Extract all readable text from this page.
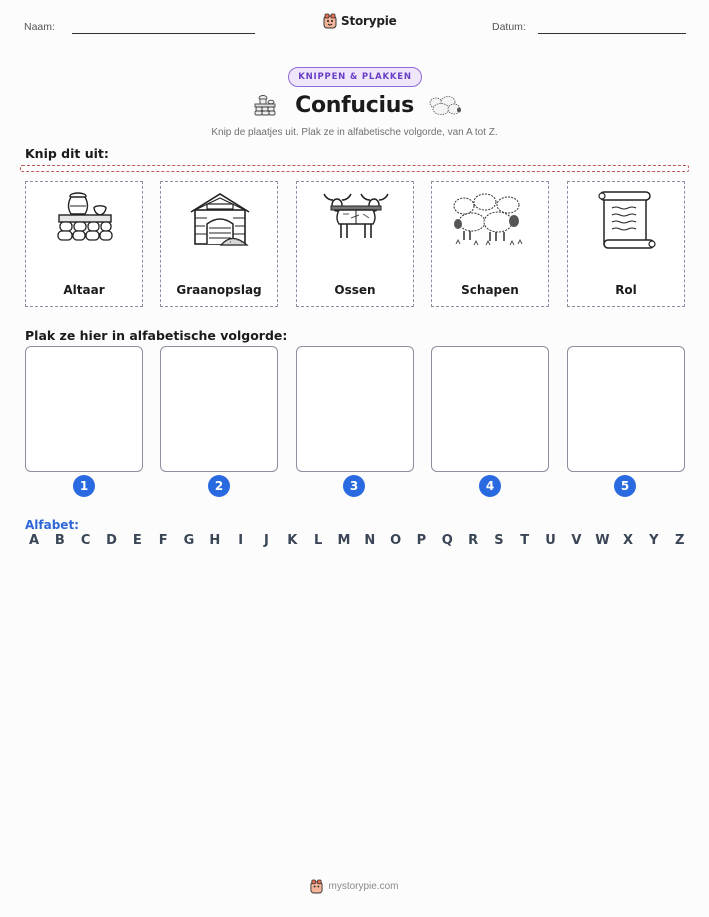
Naam:	Storypie	Datum:
KNIPPEN & PLAKKEN
Confucius
Knip de plaatjes uit. Plak ze in alfabetische volgorde, van A tot Z.
Knip dit uit:
Altaar	Graanopslag	Ossen	Schapen	Rol
Plak ze hier in alfabetische volgorde:
1	2	3	4	5
Alfabet:
A B C D E F G H	I	J	K L M N O P Q R S T U V W X Y Z
mystorypie.com
